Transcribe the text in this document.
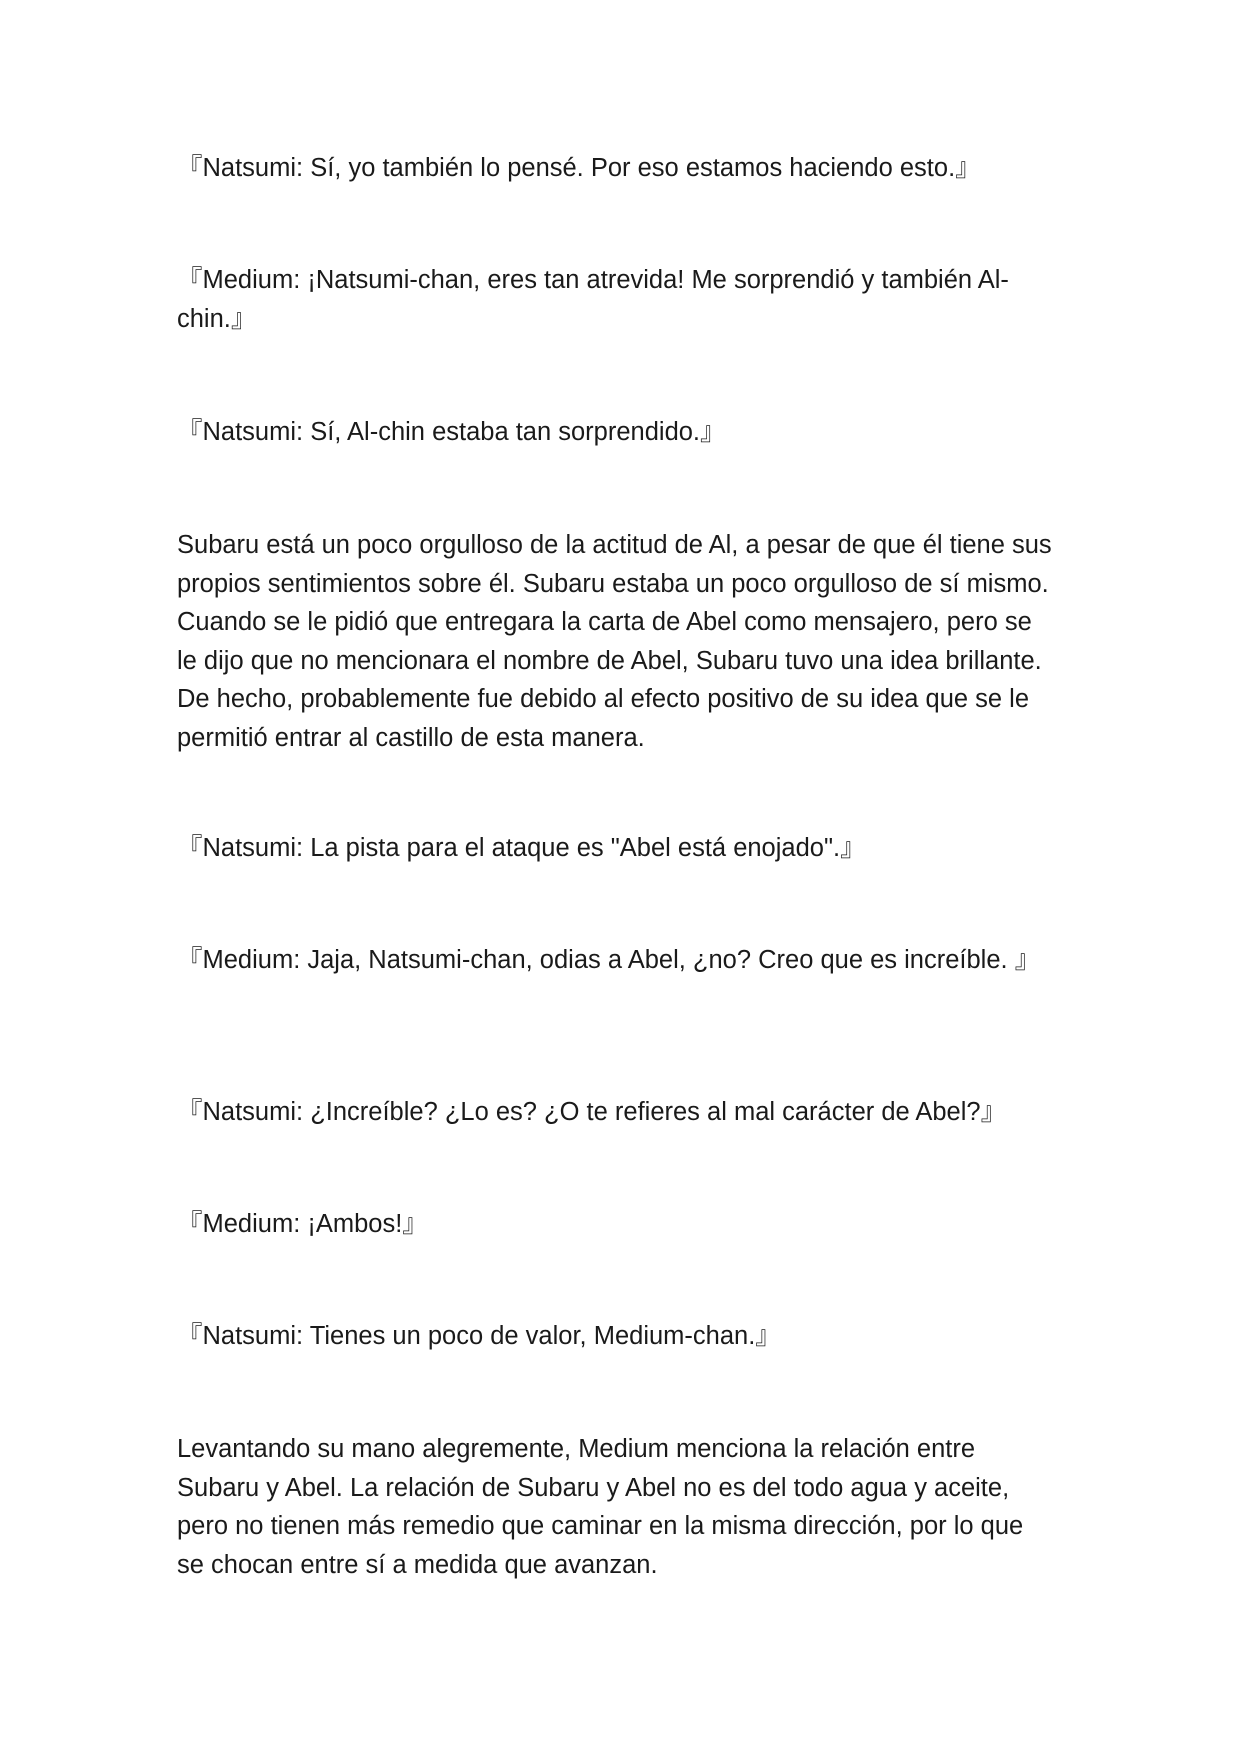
『Natsumi: Sí, yo también lo pensé. Por eso estamos haciendo esto.』

『Medium: ¡Natsumi-chan, eres tan atrevida! Me sorprendió y también Al-chin.』

『Natsumi: Sí, Al-chin estaba tan sorprendido.』

Subaru está un poco orgulloso de la actitud de Al, a pesar de que él tiene sus propios sentimientos sobre él. Subaru estaba un poco orgulloso de sí mismo. Cuando se le pidió que entregara la carta de Abel como mensajero, pero se le dijo que no mencionara el nombre de Abel, Subaru tuvo una idea brillante. De hecho, probablemente fue debido al efecto positivo de su idea que se le permitió entrar al castillo de esta manera.

『Natsumi: La pista para el ataque es "Abel está enojado".』

『Medium: Jaja, Natsumi-chan, odias a Abel, ¿no? Creo que es increíble. 』

『Natsumi: ¿Increíble? ¿Lo es? ¿O te refieres al mal carácter de Abel?』

『Medium: ¡Ambos!』

『Natsumi: Tienes un poco de valor, Medium-chan.』

Levantando su mano alegremente, Medium menciona la relación entre Subaru y Abel. La relación de Subaru y Abel no es del todo agua y aceite, pero no tienen más remedio que caminar en la misma dirección, por lo que se chocan entre sí a medida que avanzan.
